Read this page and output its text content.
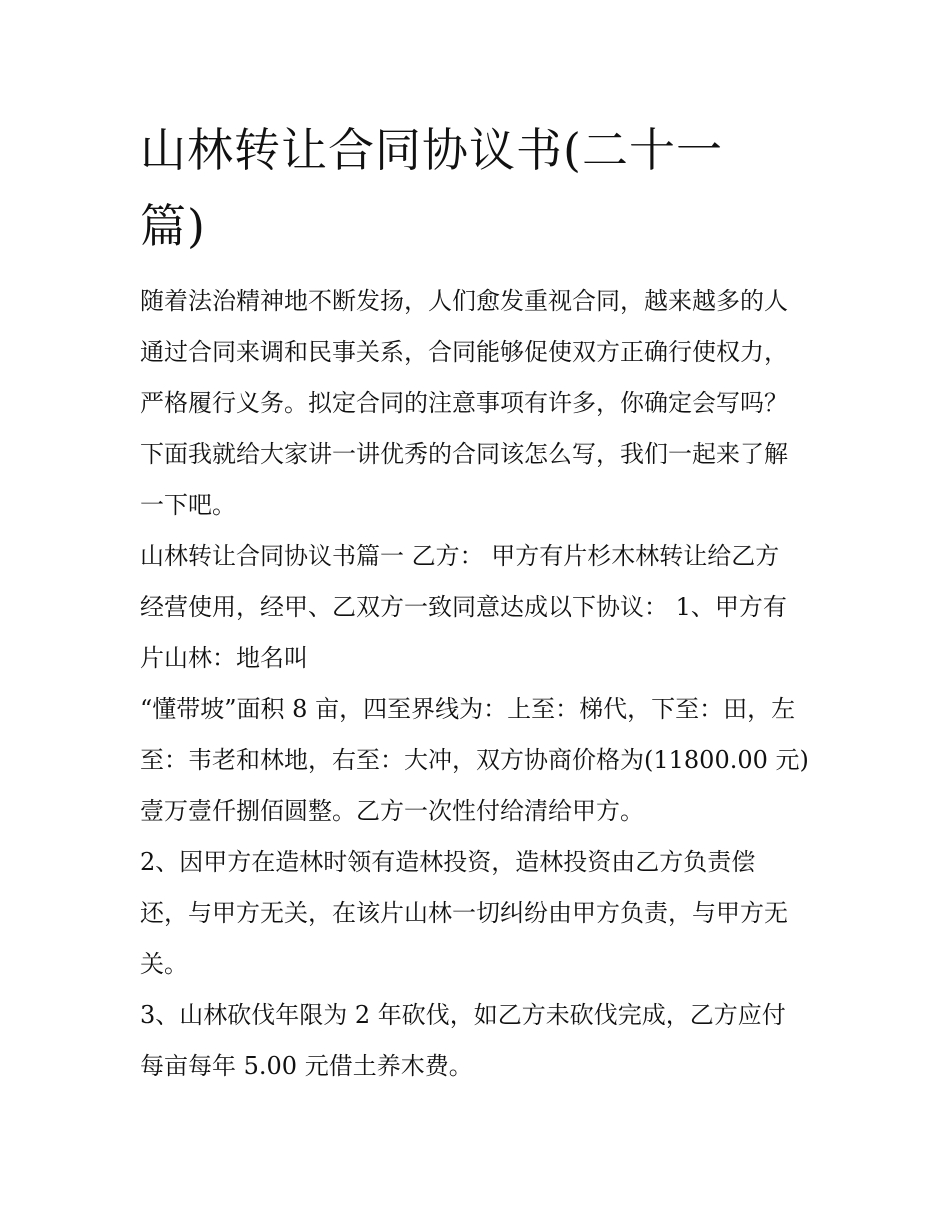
山林转让合同协议书(二十一
篇)

随着法治精神地不断发扬，人们愈发重视合同，越来越多的人
通过合同来调和民事关系，合同能够促使双方正确行使权力，
严格履行义务。拟定合同的注意事项有许多，你确定会写吗？
下面我就给大家讲一讲优秀的合同该怎么写，我们一起来了解
一下吧。

山林转让合同协议书篇一 乙方： 甲方有片杉木林转让给乙方
经营使用，经甲、乙双方一致同意达成以下协议： 1、甲方有
片山林：地名叫

“懂带坡”面积 8 亩，四至界线为：上至：梯代，下至：田，左
至：韦老和林地，右至：大冲，双方协商价格为(11800.00 元)
壹万壹仟捌佰圆整。乙方一次性付给清给甲方。

2、因甲方在造林时领有造林投资，造林投资由乙方负责偿
还，与甲方无关，在该片山林一切纠纷由甲方负责，与甲方无
关。

3、山林砍伐年限为 2 年砍伐，如乙方未砍伐完成，乙方应付
每亩每年 5.00 元借土养木费。
